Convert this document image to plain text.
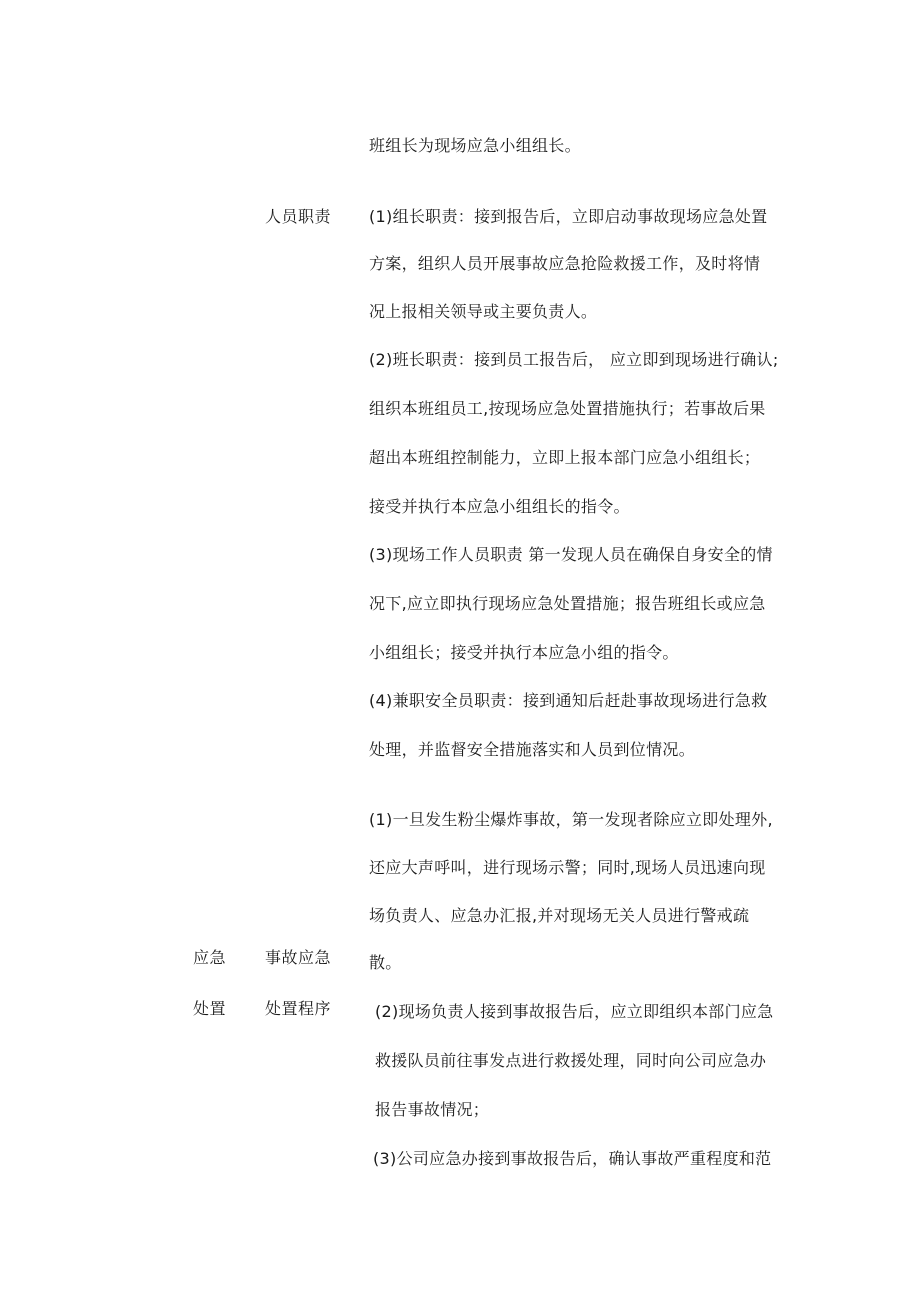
班组长为现场应急小组组长。
人员职责 (1)组长职责：接到报告后，立即启动事故现场应急处置
方案，组织人员开展事故应急抢险救援工作，及时将情
况上报相关领导或主要负责人。
(2)班长职责：接到员工报告后， 应立即到现场进行确认;
组织本班组员工,按现场应急处置措施执行；若事故后果
超出本班组控制能力，立即上报本部门应急小组组长；
接受并执行本应急小组组长的指令。
(3)现场工作人员职责 第一发现人员在确保自身安全的情
况下,应立即执行现场应急处置措施；报告班组长或应急
小组组长；接受并执行本应急小组的指令。
(4)兼职安全员职责：接到通知后赶赴事故现场进行急救
处理，并监督安全措施落实和人员到位情况。
应急
处置
事故应急
处置程序
(1)一旦发生粉尘爆炸事故，第一发现者除应立即处理外,
还应大声呼叫，进行现场示警；同时,现场人员迅速向现
场负责人、应急办汇报,并对现场无关人员进行警戒疏
散。
(2)现场负责人接到事故报告后，应立即组织本部门应急
救援队员前往事发点进行救援处理，同时向公司应急办
报告事故情况；
(3)公司应急办接到事故报告后，确认事故严重程度和范
